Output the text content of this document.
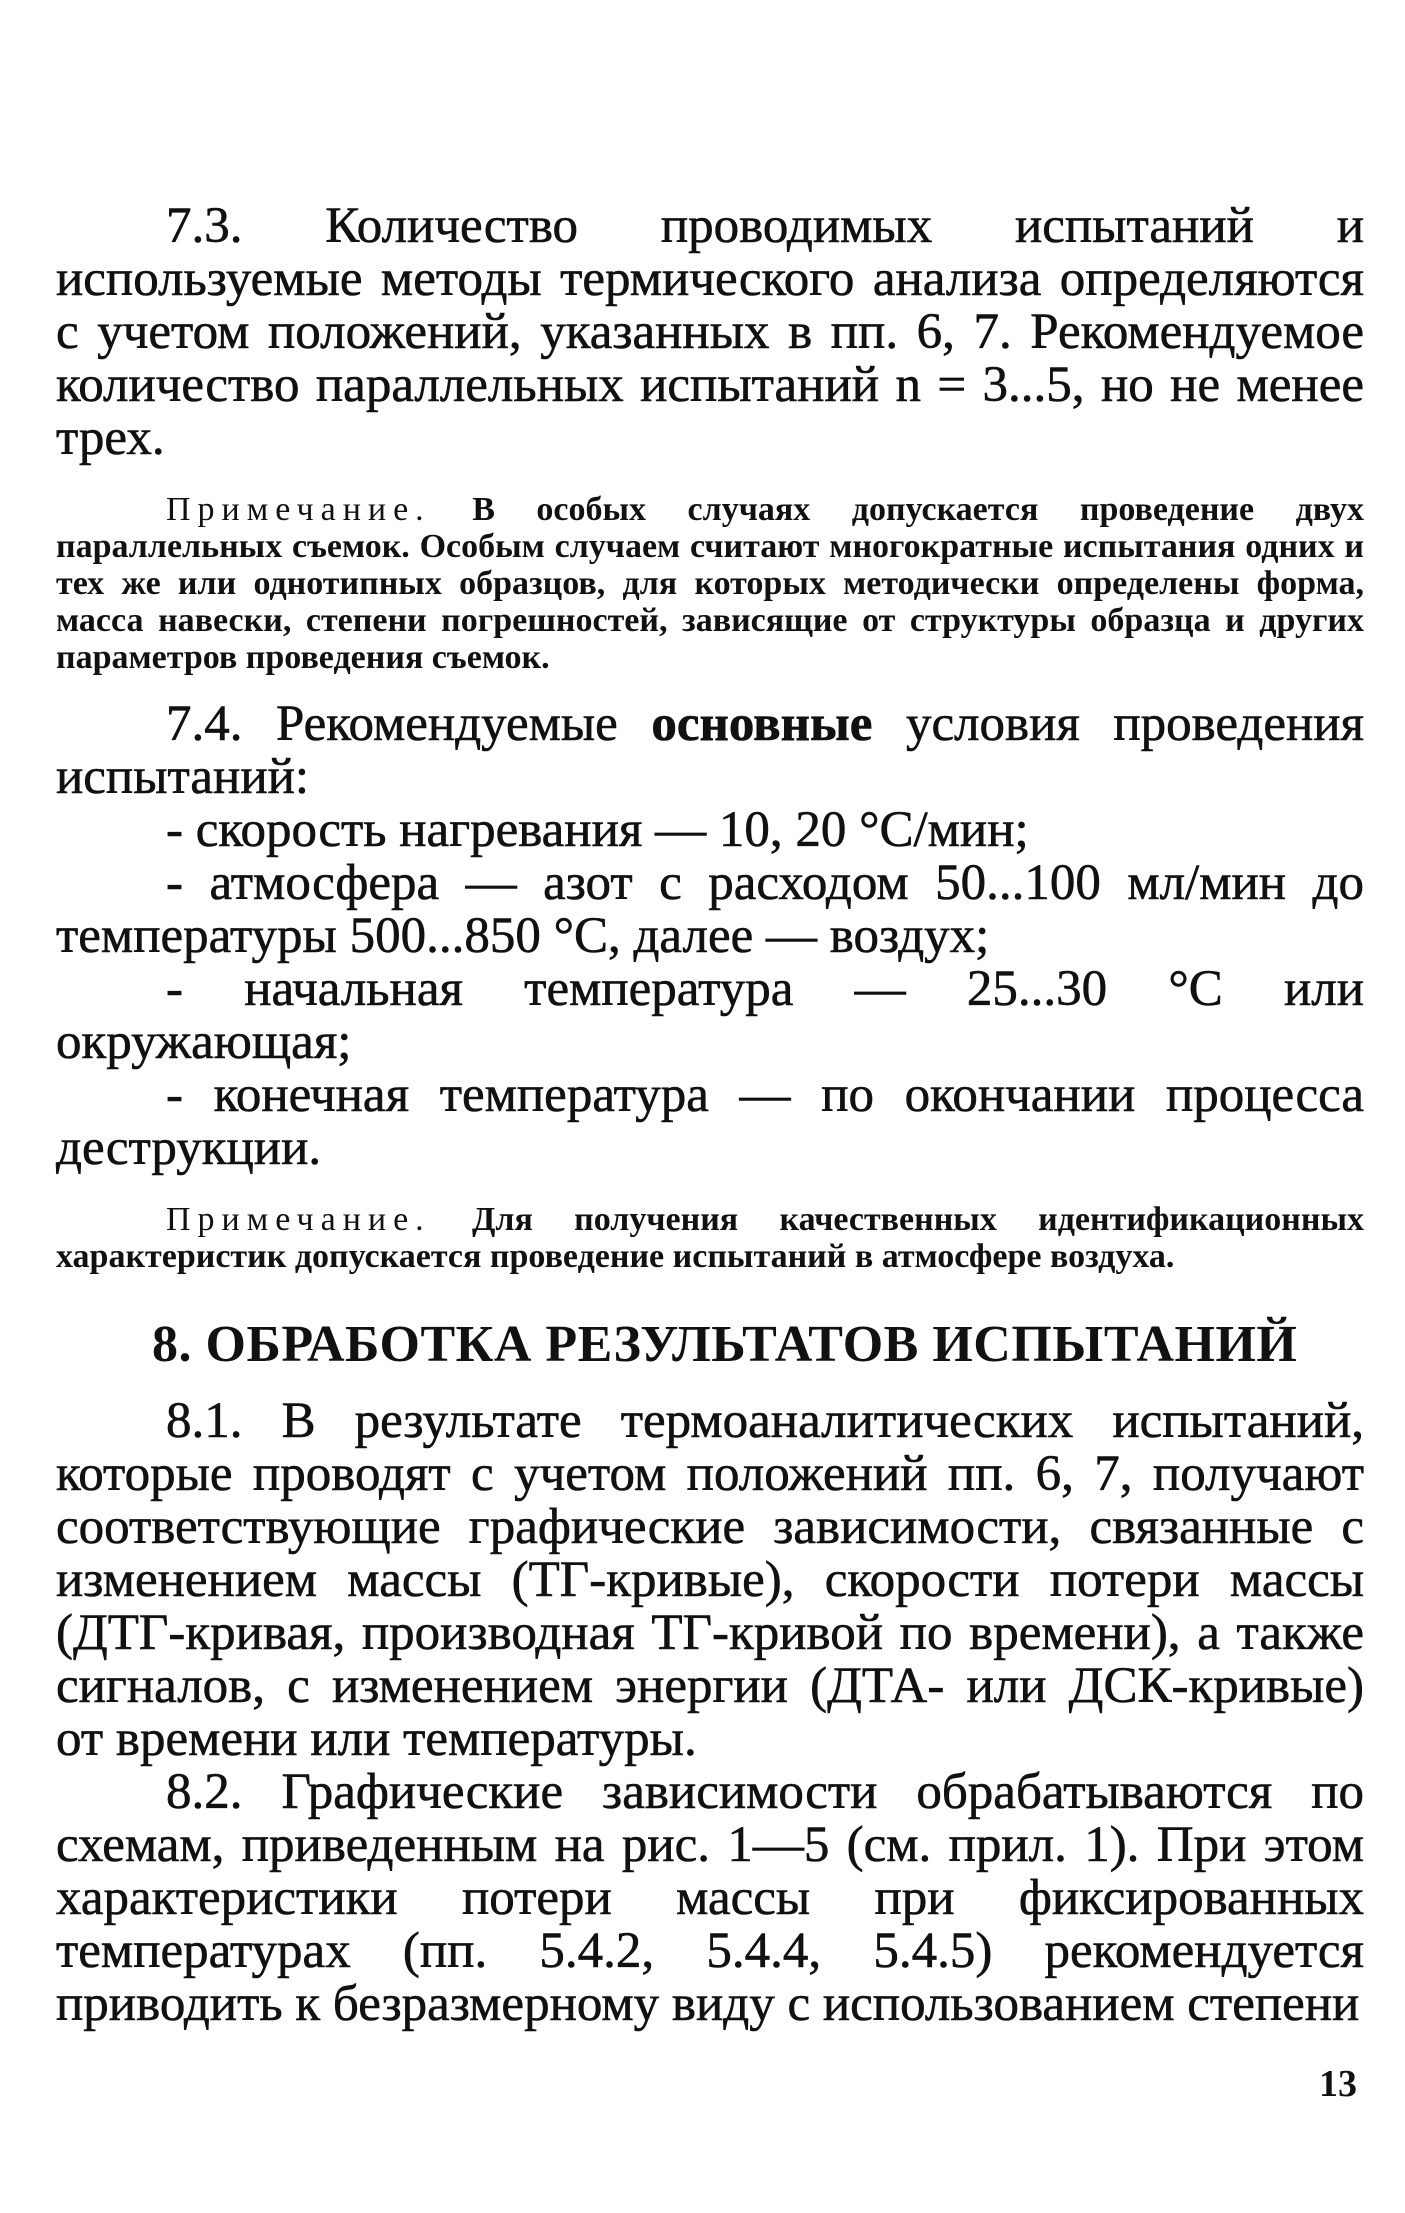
7.3. Количество проводимых испытаний и используемые методы термического анализа определяются с учетом положений, указанных в пп. 6, 7. Рекомендуемое количество параллельных испытаний n = 3...5, но не менее трех.

Примечание. В особых случаях допускается проведение двух параллельных съемок. Особым случаем считают многократные испытания одних и тех же или однотипных образцов, для которых методически определены форма, масса навески, степени погрешностей, зависящие от структуры образца и других параметров проведения съемок.

7.4. Рекомендуемые основные условия проведения испытаний:

- скорость нагревания — 10, 20 °С/мин;

- атмосфера — азот с расходом 50...100 мл/мин до температуры 500...850 °С, далее — воздух;

- начальная температура — 25...30 °С или окружающая;

- конечная температура — по окончании процесса деструкции.

Примечание. Для получения качественных идентификационных характеристик допускается проведение испытаний в атмосфере воздуха.

8. ОБРАБОТКА РЕЗУЛЬТАТОВ ИСПЫТАНИЙ

8.1. В результате термоаналитических испытаний, которые проводят с учетом положений пп. 6, 7, получают соответствующие графические зависимости, связанные с изменением массы (ТГ-кривые), скорости потери массы (ДТГ-кривая, производная ТГ-кривой по времени), а также сигналов, с изменением энергии (ДТА- или ДСК-кривые) от времени или температуры.

8.2. Графические зависимости обрабатываются по схемам, приведенным на рис. 1—5 (см. прил. 1). При этом характеристики потери массы при фиксированных температурах (пп. 5.4.2, 5.4.4, 5.4.5) рекомендуется приводить к безразмерному виду с использованием степени

13
